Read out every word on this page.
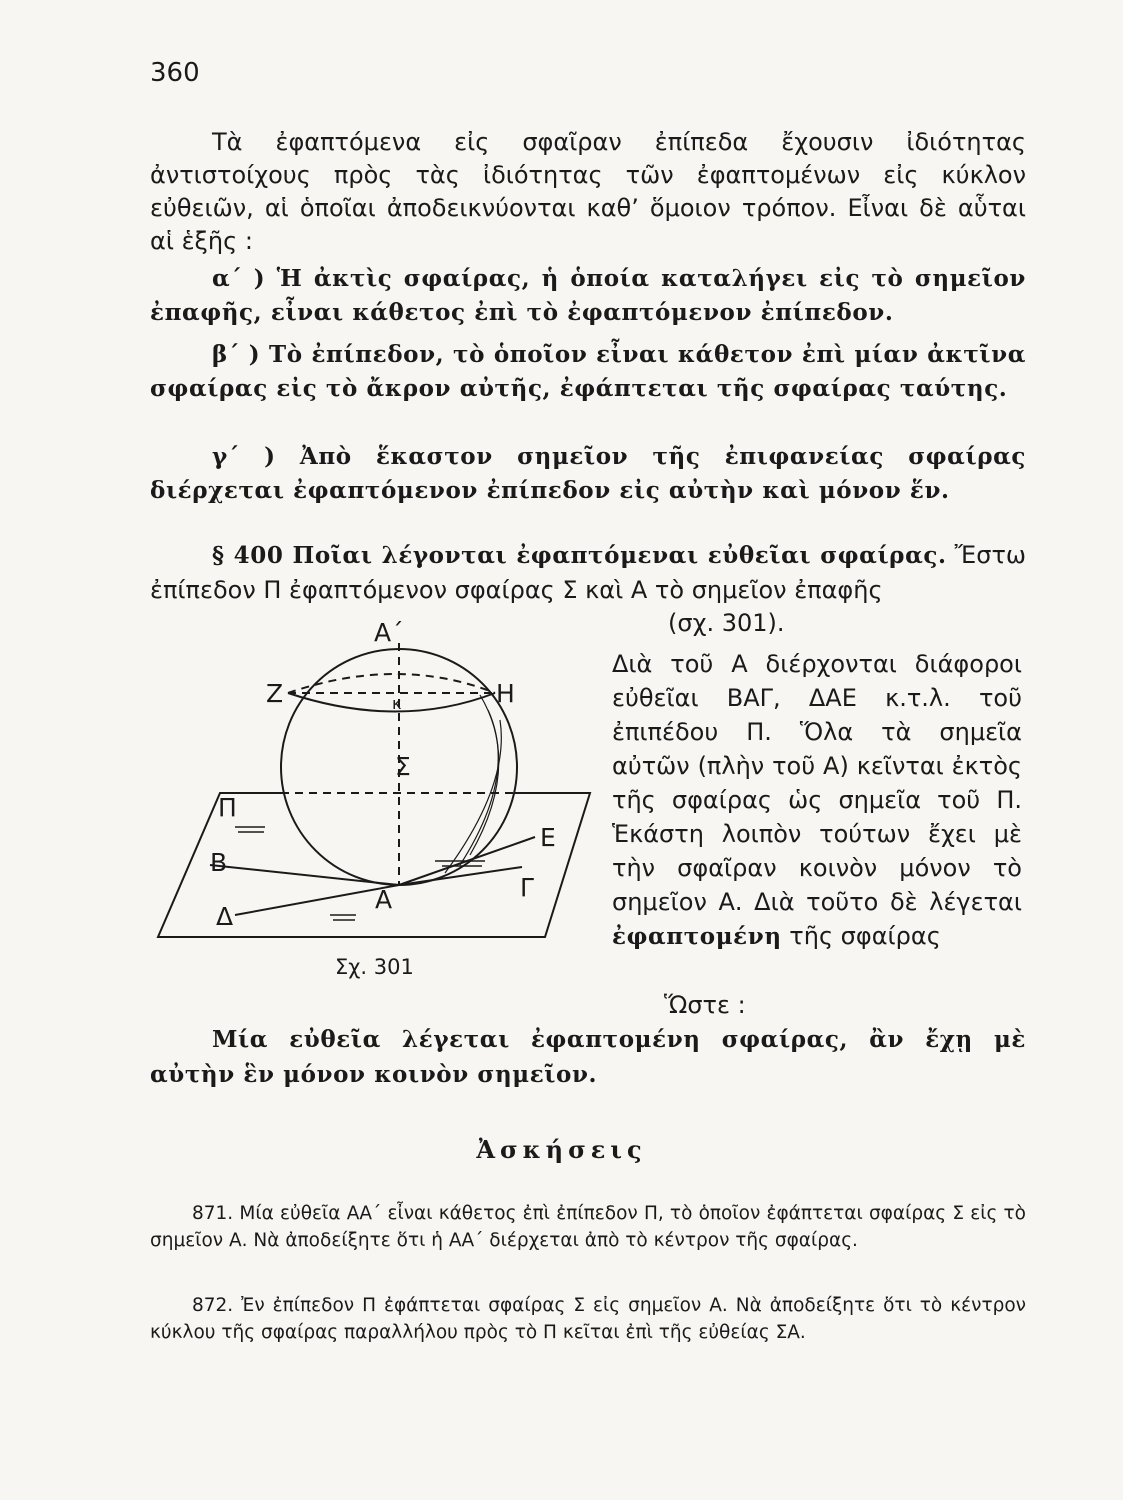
360
Τὰ ἐφαπτόμενα εἰς σφαῖραν ἐπίπεδα ἔχουσιν ἰδιότητας ἀντιστοίχους πρὸς τὰς ἰδιότητας τῶν ἐφαπτομένων εἰς κύκλον εὐθειῶν, αἱ ὁποῖαι ἀποδεικνύονται καθ’ ὅμοιον τρόπον. Εἶναι δὲ αὗται αἱ ἑξῆς :
α΄ ) Ἡ ἀκτὶς σφαίρας, ἡ ὁποία καταλήγει εἰς τὸ σημεῖον ἐπαφῆς, εἶναι κάθετος ἐπὶ τὸ ἐφαπτόμενον ἐπίπεδον.
β΄ ) Τὸ ἐπίπεδον, τὸ ὁποῖον εἶναι κάθετον ἐπὶ μίαν ἀκτῖνα σφαίρας εἰς τὸ ἄκρον αὐτῆς, ἐφάπτεται τῆς σφαίρας ταύτης.
γ΄ ) Ἀπὸ ἕκαστον σημεῖον τῆς ἐπιφανείας σφαίρας διέρχεται ἐφαπτόμενον ἐπίπεδον εἰς αὐτὴν καὶ μόνον ἕν.
§ 400 Ποῖαι λέγονται ἐφαπτόμεναι εὐθεῖαι σφαίρας. Ἔστω ἐπίπεδον Π ἐφαπτόμενον σφαίρας Σ καὶ Α τὸ σημεῖον ἐπαφῆς
(σχ. 301).
Α΄
Ζ	Η
κ
Σ
Π
Β
Ε
Γ
Α
Δ
Σχ. 301
Διὰ τοῦ Α διέρχονται διάφοροι εὐθεῖαι ΒΑΓ, ΔΑΕ κ.τ.λ. τοῦ ἐπιπέδου Π. Ὅλα τὰ σημεῖα αὐτῶν (πλὴν τοῦ Α) κεῖνται ἐκτὸς τῆς σφαίρας ὡς σημεῖα τοῦ Π. Ἑκάστη λοιπὸν τούτων ἔχει μὲ τὴν σφαῖραν κοινὸν μόνον τὸ σημεῖον Α. Διὰ τοῦτο δὲ λέγεται ἐφαπτομένη τῆς σφαίρας
Ὥστε :
Μία εὐθεῖα λέγεται ἐφαπτομένη σφαίρας, ἂν ἔχῃ μὲ αὐτὴν ἓν μόνον κοινὸν σημεῖον.
Ἀσκήσεις
871. Μία εὐθεῖα ΑΑ΄ εἶναι κάθετος ἐπὶ ἐπίπεδον Π, τὸ ὁποῖον ἐφάπτεται σφαίρας Σ εἰς τὸ σημεῖον Α. Νὰ ἀποδείξητε ὅτι ἡ ΑΑ΄ διέρχεται ἀπὸ τὸ κέντρον τῆς σφαίρας.
872. Ἐν ἐπίπεδον Π ἐφάπτεται σφαίρας Σ εἰς σημεῖον Α. Νὰ ἀποδείξητε ὅτι τὸ κέντρον κύκλου τῆς σφαίρας παραλλήλου πρὸς τὸ Π κεῖται ἐπὶ τῆς εὐθείας ΣΑ.
